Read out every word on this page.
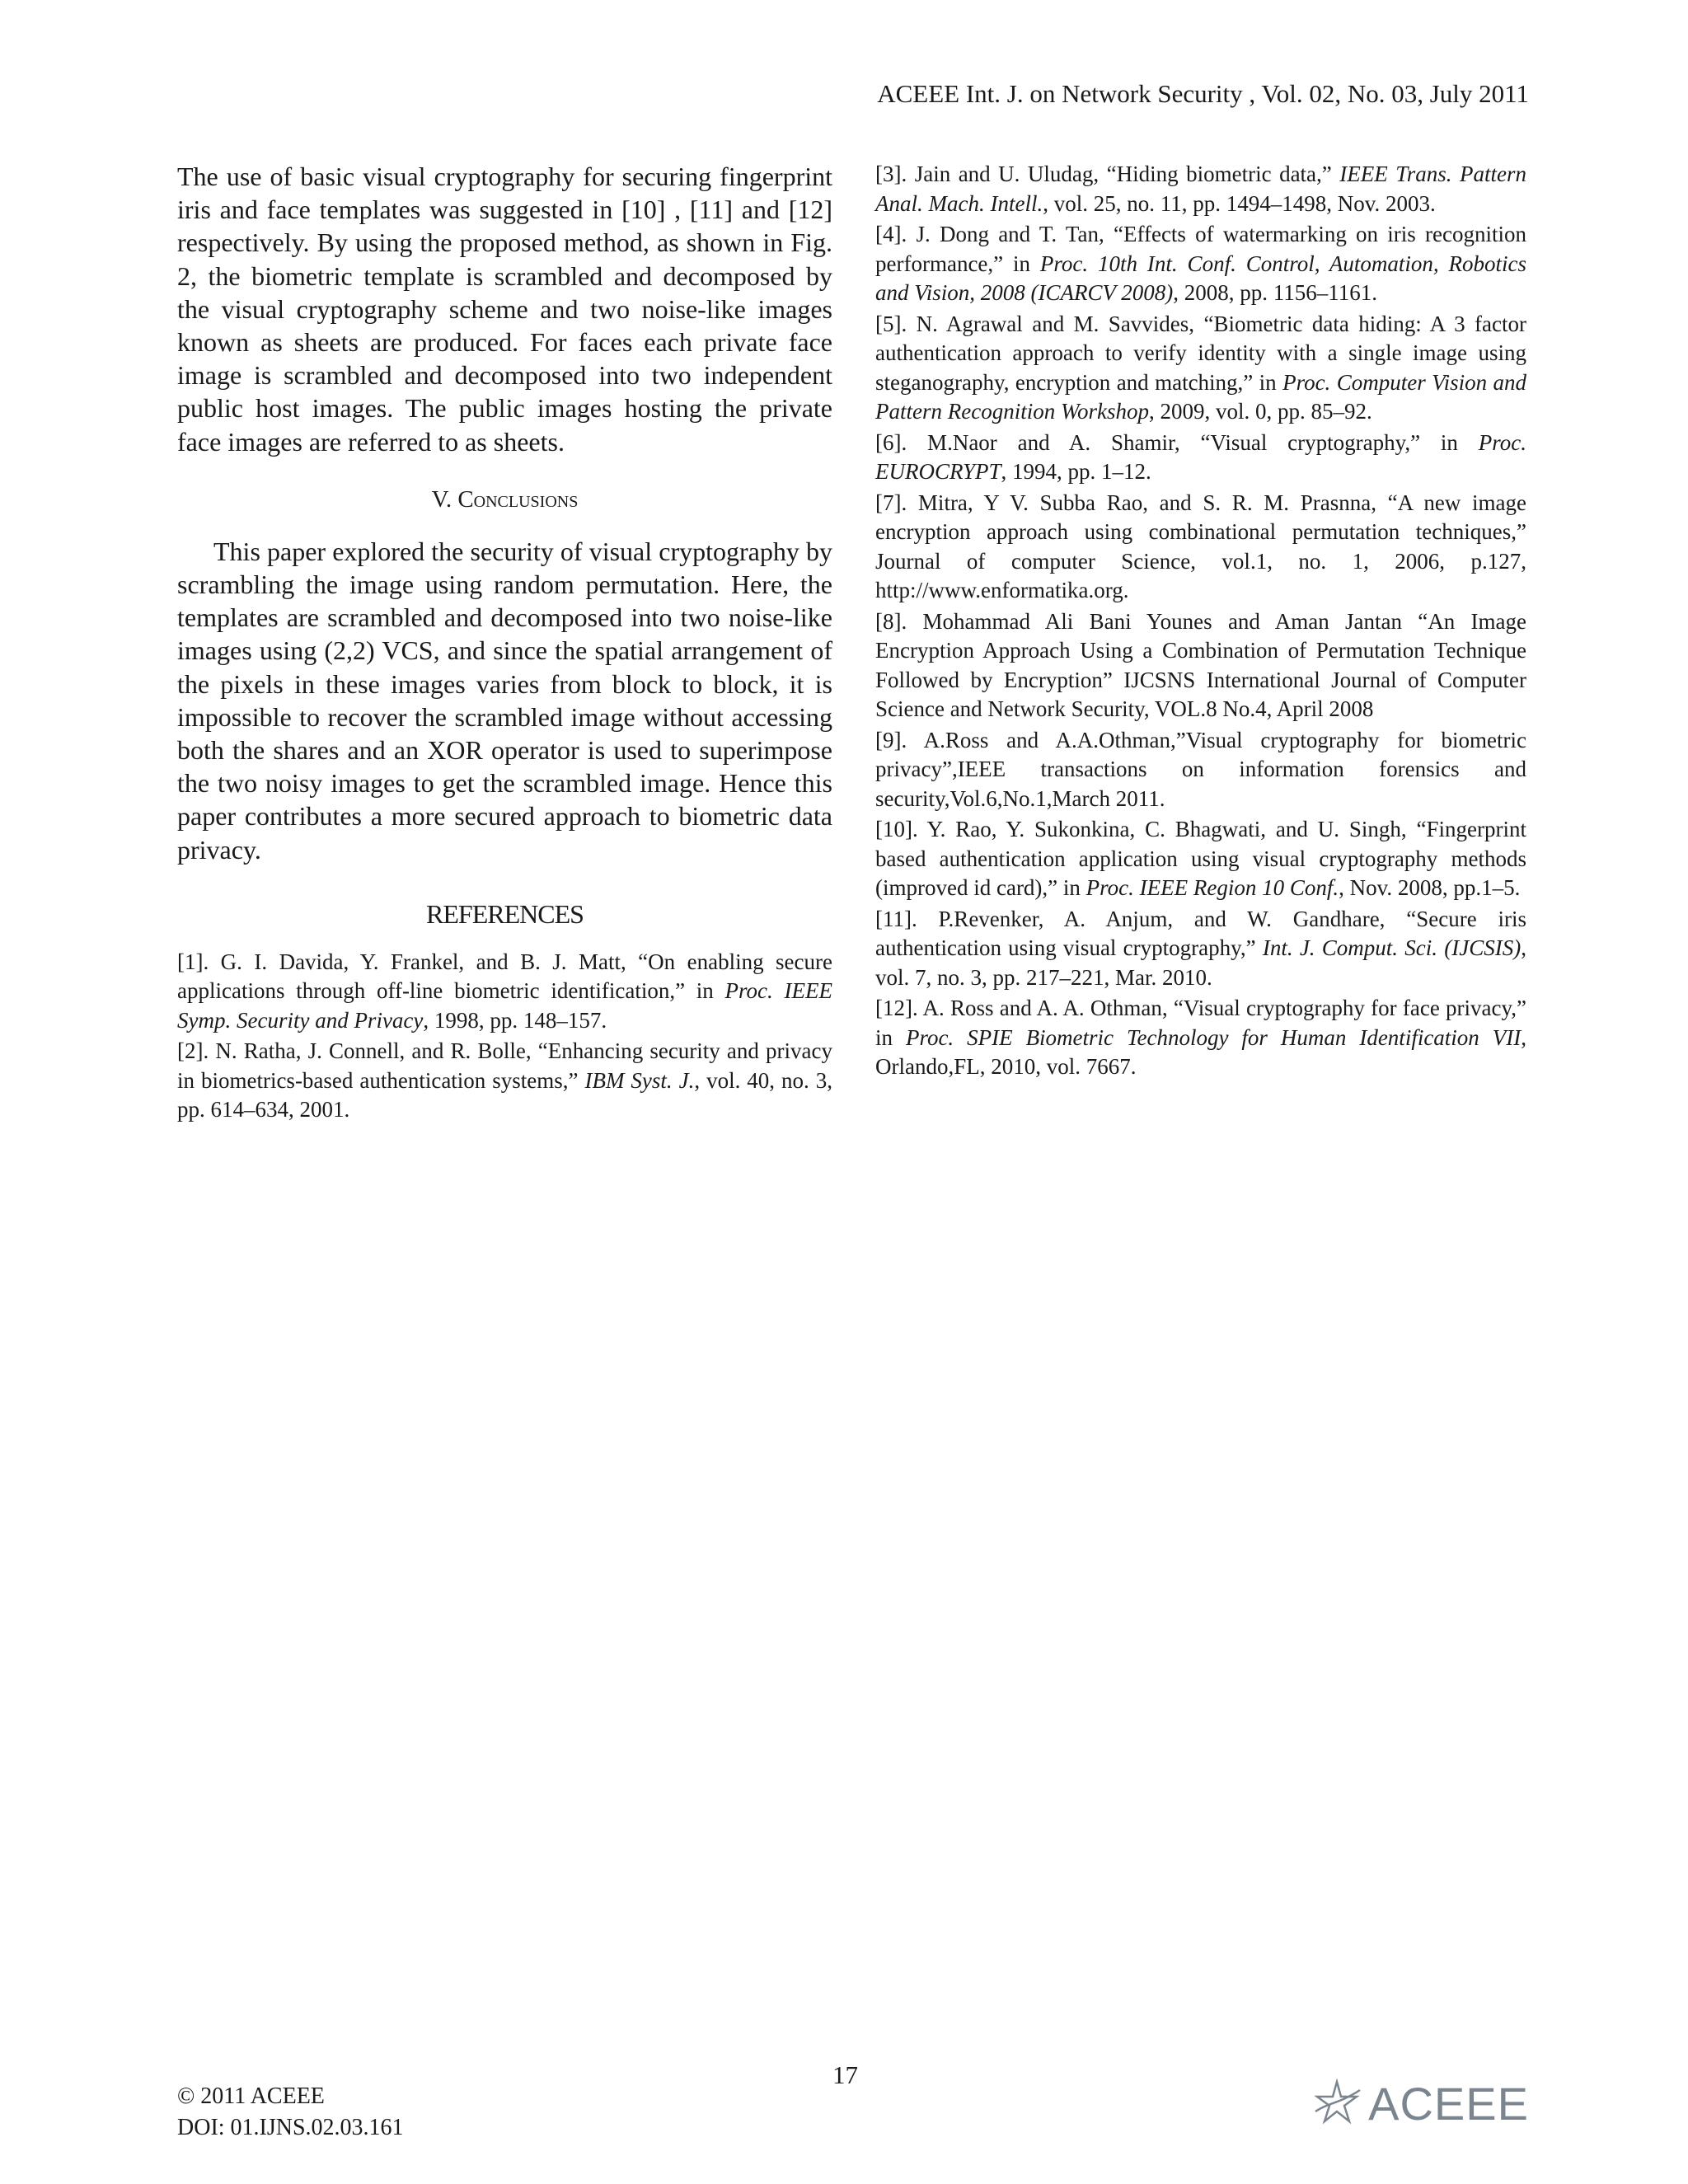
ACEEE Int. J. on Network Security , Vol. 02, No. 03, July 2011

The use of basic visual cryptography for securing fingerprint iris and face templates was suggested in [10] , [11] and [12] respectively. By using the proposed method, as shown in Fig. 2, the biometric template is scrambled and decomposed by the visual cryptography scheme and two noise-like images known as sheets are produced. For faces each private face image is scrambled and decomposed into two independent public host images. The public images hosting the private face images are referred to as sheets.

V. Conclusions

This paper explored the security of visual cryptography by scrambling the image using random permutation. Here, the templates are scrambled and decomposed into two noise-like images using (2,2) VCS, and since the spatial arrangement of the pixels in these images varies from block to block, it is impossible to recover the scrambled image without accessing both the shares and an XOR operator is used to superimpose the two noisy images to get the scrambled image. Hence this paper contributes a more secured approach to biometric data privacy.

REFERENCES

[1]. G. I. Davida, Y. Frankel, and B. J. Matt, “On enabling secure applications through off-line biometric identification,” in Proc. IEEE Symp. Security and Privacy, 1998, pp. 148–157.

[2]. N. Ratha, J. Connell, and R. Bolle, “Enhancing security and privacy in biometrics-based authentication systems,” IBM Syst. J., vol. 40, no. 3, pp. 614–634, 2001.

[3]. Jain and U. Uludag, “Hiding biometric data,” IEEE Trans. Pattern Anal. Mach. Intell., vol. 25, no. 11, pp. 1494–1498, Nov. 2003.

[4]. J. Dong and T. Tan, “Effects of watermarking on iris recognition performance,” in Proc. 10th Int. Conf. Control, Automation, Robotics and Vision, 2008 (ICARCV 2008), 2008, pp. 1156–1161.

[5]. N. Agrawal and M. Savvides, “Biometric data hiding: A 3 factor authentication approach to verify identity with a single image using steganography, encryption and matching,” in Proc. Computer Vision and Pattern Recognition Workshop, 2009, vol. 0, pp. 85–92.

[6]. M.Naor and A. Shamir, “Visual cryptography,” in Proc. EUROCRYPT, 1994, pp. 1–12.

[7]. Mitra, Y V. Subba Rao, and S. R. M. Prasnna, “A new image encryption approach using combinational permutation techniques,” Journal of computer Science, vol.1, no. 1, 2006, p.127, http://www.enformatika.org.

[8]. Mohammad Ali Bani Younes and Aman Jantan “An Image Encryption Approach Using a Combination of Permutation Technique Followed by Encryption” IJCSNS International Journal of Computer Science and Network Security, VOL.8 No.4, April 2008

[9]. A.Ross and A.A.Othman,”Visual cryptography for biometric privacy”,IEEE transactions on information forensics and security,Vol.6,No.1,March 2011.

[10]. Y. Rao, Y. Sukonkina, C. Bhagwati, and U. Singh, “Fingerprint based authentication application using visual cryptography methods (improved id card),” in Proc. IEEE Region 10 Conf., Nov. 2008, pp.1–5.

[11]. P.Revenker, A. Anjum, and W. Gandhare, “Secure iris authentication using visual cryptography,” Int. J. Comput. Sci. (IJCSIS), vol. 7, no. 3, pp. 217–221, Mar. 2010.

[12]. A. Ross and A. A. Othman, “Visual cryptography for face privacy,” in Proc. SPIE Biometric Technology for Human Identification VII, Orlando,FL, 2010, vol. 7667.

17
© 2011 ACEEE
DOI: 01.IJNS.02.03.161	ACEEE
